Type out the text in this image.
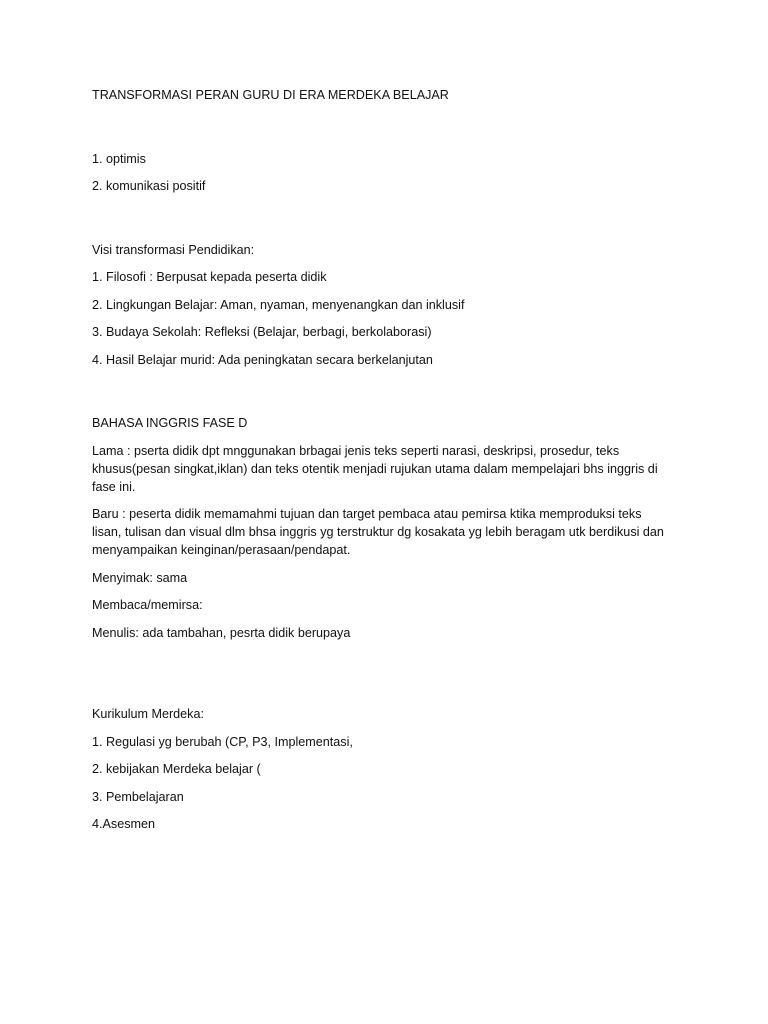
TRANSFORMASI PERAN GURU DI ERA MERDEKA BELAJAR

1. optimis

2. komunikasi positif

Visi transformasi Pendidikan:

1. Filosofi : Berpusat kepada peserta didik

2. Lingkungan Belajar: Aman, nyaman, menyenangkan dan inklusif

3. Budaya Sekolah: Refleksi (Belajar, berbagi, berkolaborasi)

4. Hasil Belajar murid: Ada peningkatan secara berkelanjutan

BAHASA INGGRIS FASE D

Lama : pserta didik dpt mnggunakan brbagai jenis teks seperti narasi, deskripsi, prosedur, teks khusus(pesan singkat,iklan) dan teks otentik menjadi rujukan utama dalam mempelajari bhs inggris di fase ini.

Baru : peserta didik memamahmi tujuan dan target pembaca atau pemirsa ktika memproduksi teks lisan, tulisan dan visual dlm bhsa inggris yg terstruktur dg kosakata yg lebih beragam utk berdikusi dan menyampaikan keinginan/perasaan/pendapat.

Menyimak: sama

Membaca/memirsa:

Menulis: ada tambahan, pesrta didik berupaya

Kurikulum Merdeka:

1. Regulasi yg berubah (CP, P3, Implementasi,

2. kebijakan Merdeka belajar (

3. Pembelajaran

4.Asesmen
